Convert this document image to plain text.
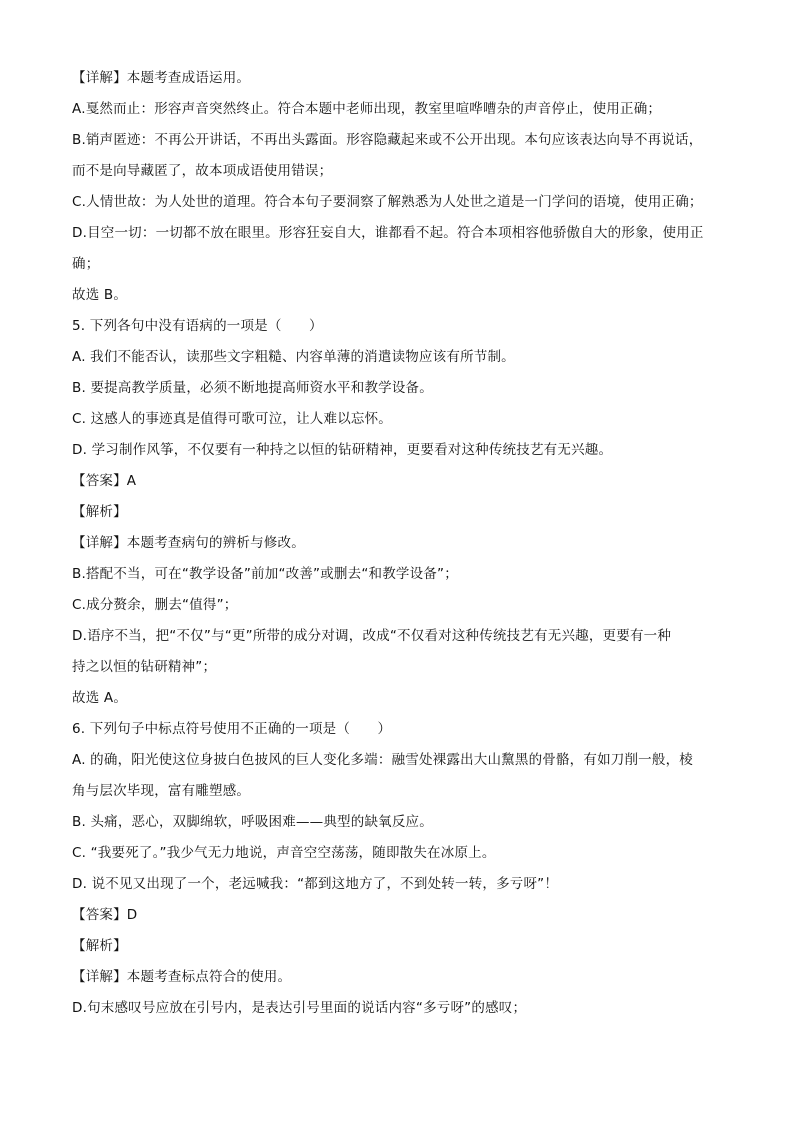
【详解】本题考查成语运用。
A.戛然而止：形容声音突然终止。符合本题中老师出现，教室里喧哗嘈杂的声音停止，使用正确；
B.销声匿迹：不再公开讲话，不再出头露面。形容隐藏起来或不公开出现。本句应该表达向导不再说话，
而不是向导藏匿了，故本项成语使用错误；
C.人情世故：为人处世的道理。符合本句子要洞察了解熟悉为人处世之道是一门学问的语境，使用正确；
D.目空一切：一切都不放在眼里。形容狂妄自大，谁都看不起。符合本项相容他骄傲自大的形象，使用正
确；
故选 B。
5. 下列各句中没有语病的一项是（　　）
A. 我们不能否认，读那些文字粗糙、内容单薄的消遣读物应该有所节制。
B. 要提高教学质量，必须不断地提高师资水平和教学设备。
C. 这感人的事迹真是值得可歌可泣，让人难以忘怀。
D. 学习制作风筝，不仅要有一种持之以恒的钻研精神，更要看对这种传统技艺有无兴趣。
【答案】A
【解析】
【详解】本题考查病句的辨析与修改。
B.搭配不当，可在“教学设备”前加“改善”或删去“和教学设备”；
C.成分赘余，删去“值得”；
D.语序不当，把“不仅”与“更”所带的成分对调，改成“不仅看对这种传统技艺有无兴趣，更要有一种
持之以恒的钻研精神”；
故选 A。
6. 下列句子中标点符号使用不正确的一项是（　　）
A. 的确，阳光使这位身披白色披风的巨人变化多端：融雪处裸露出大山黧黑的骨骼，有如刀削一般，棱
角与层次毕现，富有雕塑感。
B. 头痛，恶心，双脚绵软，呼吸困难——典型的缺氧反应。
C. “我要死了。”我少气无力地说，声音空空荡荡，随即散失在冰原上。
D. 说不见又出现了一个，老远喊我：“都到这地方了，不到处转一转，多亏呀”！
【答案】D
【解析】
【详解】本题考查标点符合的使用。
D.句末感叹号应放在引号内，是表达引号里面的说话内容“多亏呀”的感叹；
